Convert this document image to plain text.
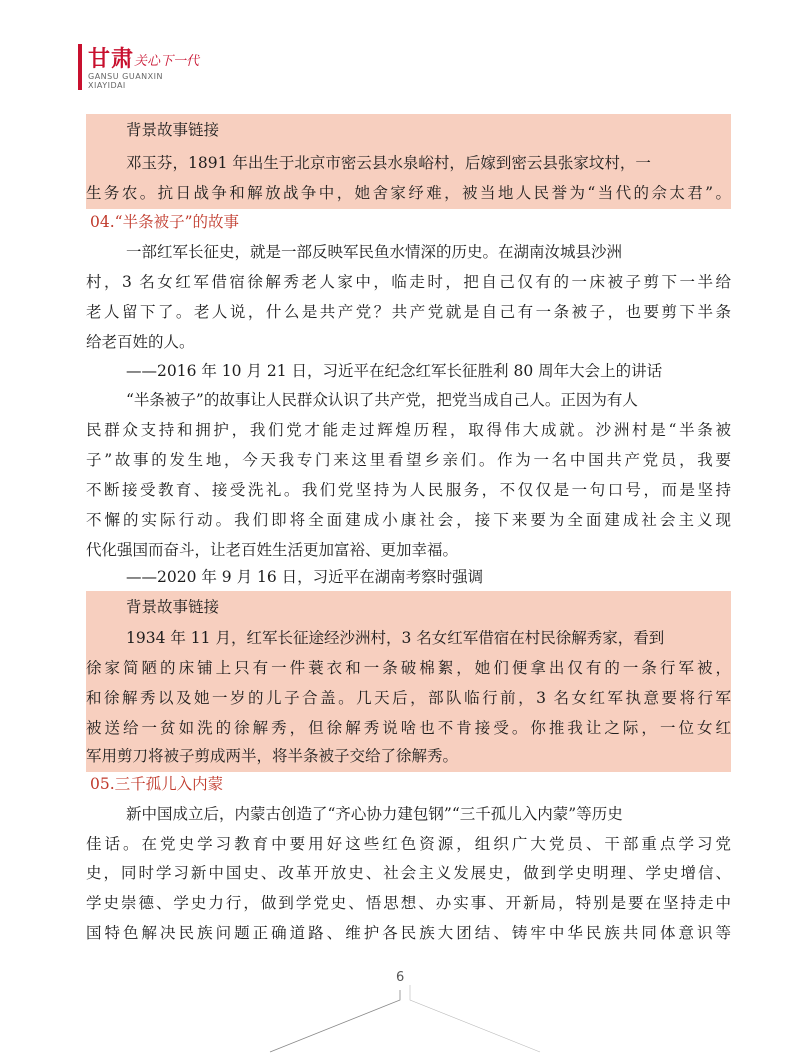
甘肃 关心下一代
GANSU GUANXIN
XIAYIDAI
背景故事链接
邓玉芬，1891 年出生于北京市密云县水泉峪村，后嫁到密云县张家坟村，一
生务农。抗日战争和解放战争中，她舍家纾难，被当地人民誉为“当代的佘太君”。
04.“半条被子”的故事
一部红军长征史，就是一部反映军民鱼水情深的历史。在湖南汝城县沙洲
村，3 名女红军借宿徐解秀老人家中，临走时，把自己仅有的一床被子剪下一半给
老人留下了。老人说，什么是共产党？共产党就是自己有一条被子，也要剪下半条
给老百姓的人。
——2016 年 10 月 21 日，习近平在纪念红军长征胜利 80 周年大会上的讲话
“半条被子”的故事让人民群众认识了共产党，把党当成自己人。正因为有人
民群众支持和拥护，我们党才能走过辉煌历程，取得伟大成就。沙洲村是“半条被
子”故事的发生地，今天我专门来这里看望乡亲们。作为一名中国共产党员，我要
不断接受教育、接受洗礼。我们党坚持为人民服务，不仅仅是一句口号，而是坚持
不懈的实际行动。我们即将全面建成小康社会，接下来要为全面建成社会主义现
代化强国而奋斗，让老百姓生活更加富裕、更加幸福。
——2020 年 9 月 16 日，习近平在湖南考察时强调
背景故事链接
1934 年 11 月，红军长征途经沙洲村，3 名女红军借宿在村民徐解秀家，看到
徐家简陋的床铺上只有一件蓑衣和一条破棉絮，她们便拿出仅有的一条行军被，
和徐解秀以及她一岁的儿子合盖。几天后，部队临行前，3 名女红军执意要将行军
被送给一贫如洗的徐解秀，但徐解秀说啥也不肯接受。你推我让之际，一位女红
军用剪刀将被子剪成两半，将半条被子交给了徐解秀。
05.三千孤儿入内蒙
新中国成立后，内蒙古创造了“齐心协力建包钢”“三千孤儿入内蒙”等历史
佳话。在党史学习教育中要用好这些红色资源，组织广大党员、干部重点学习党
史，同时学习新中国史、改革开放史、社会主义发展史，做到学史明理、学史增信、
学史崇德、学史力行，做到学党史、悟思想、办实事、开新局，特别是要在坚持走中
国特色解决民族问题正确道路、维护各民族大团结、铸牢中华民族共同体意识等
6
